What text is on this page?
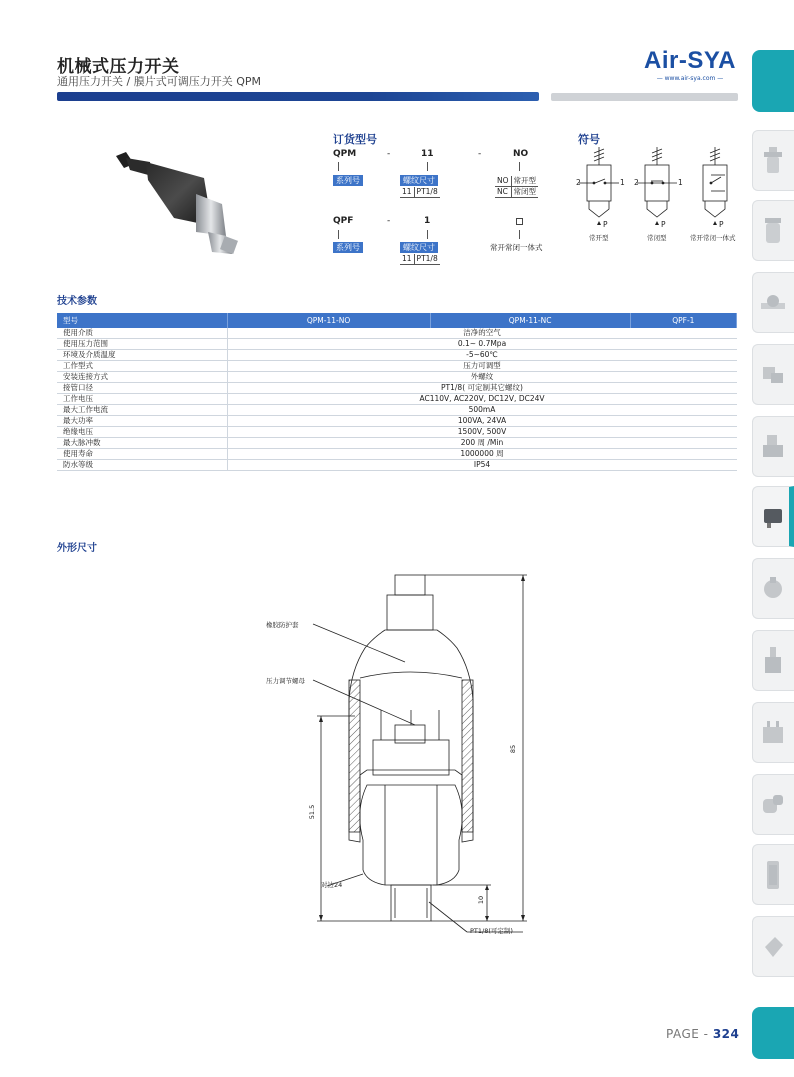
机械式压力开关
通用压力开关 / 膜片式可调压力开关 QPM
Air-SYA
— www.air-sya.com —
订货型号
QPM	-	11	-	NO
系列号	螺纹尺寸
11	PT1/8
NO	常开型
NC	常闭型
QPF	-	1
系列号	螺纹尺寸	常开常闭一体式
11	PT1/8
符号
2	1 2	1
P	P	P
常开型	常闭型	常开常闭一体式
技术参数
型号	QPM-11-NO	QPM-11-NC	QPF-1
使用介质	洁净的空气		
使用压力范围	0.1~ 0.7Mpa		
环境及介质温度	-5~60℃		
工作型式	压力可调型		
安装连接方式	外螺纹		
接管口径	PT1/8( 可定制其它螺纹)		
工作电压	AC110V, AC220V, DC12V, DC24V		
最大工作电流	500mA		
最大功率	100VA, 24VA		
绝缘电压	1500V, 500V		
最大脉冲数	200 周 /Min		
使用寿命	1000000 周		
防水等级	IP54		
外形尺寸
橡胶防护套
压力调节螺母
对边24
PT1/8(可定制)
85
51.5
10
PAGE - 324
